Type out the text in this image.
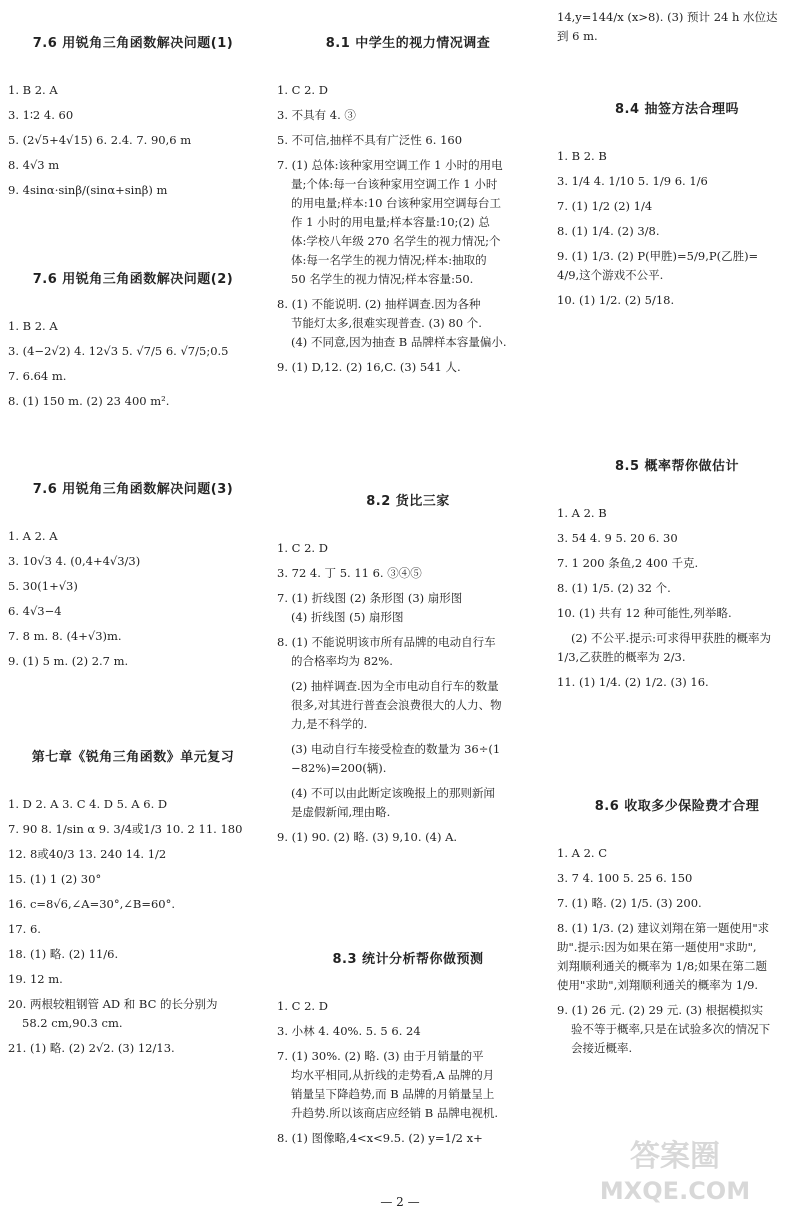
7.6 用锐角三角函数解决问题(1)
1. B 2. A
3. 1∶2 4. 60
5. (2√5+4√15) 6. 2.4. 7. 90,6 m
8. 4√3 m
9. 4sinα·sinβ/(sinα+sinβ) m
7.6 用锐角三角函数解决问题(2)
1. B 2. A
3. (4−2√2) 4. 12√3 5. √7/5 6. √7/5;0.5
7. 6.64 m.
8. (1) 150 m. (2) 23 400 m².
7.6 用锐角三角函数解决问题(3)
1. A 2. A
3. 10√3 4. (0,4+4√3/3)
5. 30(1+√3)
6. 4√3−4
7. 8 m. 8. (4+√3)m.
9. (1) 5 m. (2) 2.7 m.
第七章《锐角三角函数》单元复习
1. D 2. A 3. C 4. D 5. A 6. D
7. 90 8. 1/sin α 9. 3/4或1/3 10. 2 11. 180
12. 8或40/3 13. 240 14. 1/2
15. (1) 1 (2) 30°
16. c=8√6,∠A=30°,∠B=60°.
17. 6.
18. (1) 略. (2) 11/6.
19. 12 m.
20. 两根较粗钢管 AD 和 BC 的长分别为
58.2 cm,90.3 cm.
21. (1) 略. (2) 2√2. (3) 12/13.
8.1 中学生的视力情况调查
1. C 2. D
3. 不具有 4. ③
5. 不可信,抽样不具有广泛性 6. 160
7. (1) 总体:该种家用空调工作 1 小时的用电
量;个体:每一台该种家用空调工作 1 小时
的用电量;样本:10 台该种家用空调每台工
作 1 小时的用电量;样本容量:10;(2) 总
体:学校八年级 270 名学生的视力情况;个
体:每一名学生的视力情况;样本:抽取的
50 名学生的视力情况;样本容量:50.
8. (1) 不能说明. (2) 抽样调查.因为各种
节能灯太多,很难实现普查. (3) 80 个.
(4) 不同意,因为抽查 B 品牌样本容量偏小.
9. (1) D,12. (2) 16,C. (3) 541 人.
8.2 货比三家
1. C 2. D
3. 72 4. 丁 5. 11 6. ③④⑤
7. (1) 折线图 (2) 条形图 (3) 扇形图
(4) 折线图 (5) 扇形图
8. (1) 不能说明该市所有品牌的电动自行车
的合格率均为 82%.
(2) 抽样调查.因为全市电动自行车的数量
很多,对其进行普查会浪费很大的人力、物
力,是不科学的.
(3) 电动自行车接受检查的数量为 36÷(1
−82%)=200(辆).
(4) 不可以由此断定该晚报上的那则新闻
是虚假新闻,理由略.
9. (1) 90. (2) 略. (3) 9,10. (4) A.
8.3 统计分析帮你做预测
1. C 2. D
3. 小林 4. 40%. 5. 5 6. 24
7. (1) 30%. (2) 略. (3) 由于月销量的平
均水平相同,从折线的走势看,A 品牌的月
销量呈下降趋势,而 B 品牌的月销量呈上
升趋势.所以该商店应经销 B 品牌电视机.
8. (1) 图像略,4<x<9.5. (2) y=1/2 x+
14,y=144/x (x>8). (3) 预计 24 h 水位达
到 6 m.
8.4 抽签方法合理吗
1. B 2. B
3. 1/4 4. 1/10 5. 1/9 6. 1/6
7. (1) 1/2 (2) 1/4
8. (1) 1/4. (2) 3/8.
9. (1) 1/3. (2) P(甲胜)=5/9,P(乙胜)=
4/9,这个游戏不公平.
10. (1) 1/2. (2) 5/18.
8.5 概率帮你做估计
1. A 2. B
3. 54 4. 9 5. 20 6. 30
7. 1 200 条鱼,2 400 千克.
8. (1) 1/5. (2) 32 个.
10. (1) 共有 12 种可能性,列举略.
(2) 不公平.提示:可求得甲获胜的概率为
1/3,乙获胜的概率为 2/3.
11. (1) 1/4. (2) 1/2. (3) 16.
8.6 收取多少保险费才合理
1. A 2. C
3. 7 4. 100 5. 25 6. 150
7. (1) 略. (2) 1/5. (3) 200.
8. (1) 1/3. (2) 建议刘翔在第一题使用"求
助".提示:因为如果在第一题使用"求助",
刘翔顺利通关的概率为 1/8;如果在第二题
使用"求助",刘翔顺利通关的概率为 1/9.
9. (1) 26 元. (2) 29 元. (3) 根据模拟实
验不等于概率,只是在试验多次的情况下
会接近概率.
答案圈
MXQE.COM
— 2 —
